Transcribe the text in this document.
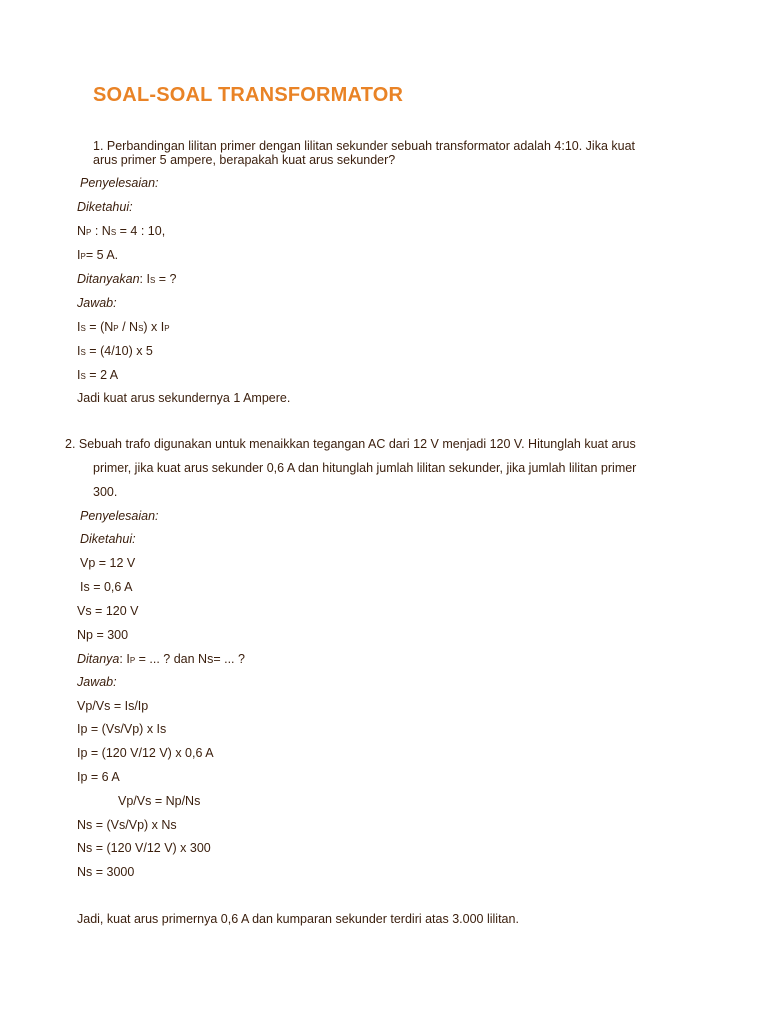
SOAL-SOAL TRANSFORMATOR
1. Perbandingan lilitan primer dengan lilitan sekunder sebuah transformator adalah 4:10. Jika kuat
arus primer 5 ampere, berapakah kuat arus sekunder?
Penyelesaian:
Diketahui:
NP : NS = 4 : 10,
IP= 5 A.
Ditanyakan: IS = ?
Jawab:
IS = (NP / NS) x IP
IS = (4/10) x 5
IS = 2 A
Jadi kuat arus sekundernya 1 Ampere.
2. Sebuah trafo digunakan untuk menaikkan tegangan AC dari 12 V menjadi 120 V. Hitunglah kuat arus
primer, jika kuat arus sekunder 0,6 A dan hitunglah jumlah lilitan sekunder, jika jumlah lilitan primer
300.
Penyelesaian:
Diketahui:
Vp = 12 V
Is = 0,6 A
Vs = 120 V
Np = 300
Ditanya: IP = ... ? dan Ns= ... ?
Jawab:
Vp/Vs = Is/Ip
Ip = (Vs/Vp) x Is
Ip = (120 V/12 V) x 0,6 A
Ip = 6 A
Vp/Vs = Np/Ns
Ns = (Vs/Vp) x Ns
Ns = (120 V/12 V) x 300
Ns = 3000
Jadi, kuat arus primernya 0,6 A dan kumparan sekunder terdiri atas 3.000 lilitan.
